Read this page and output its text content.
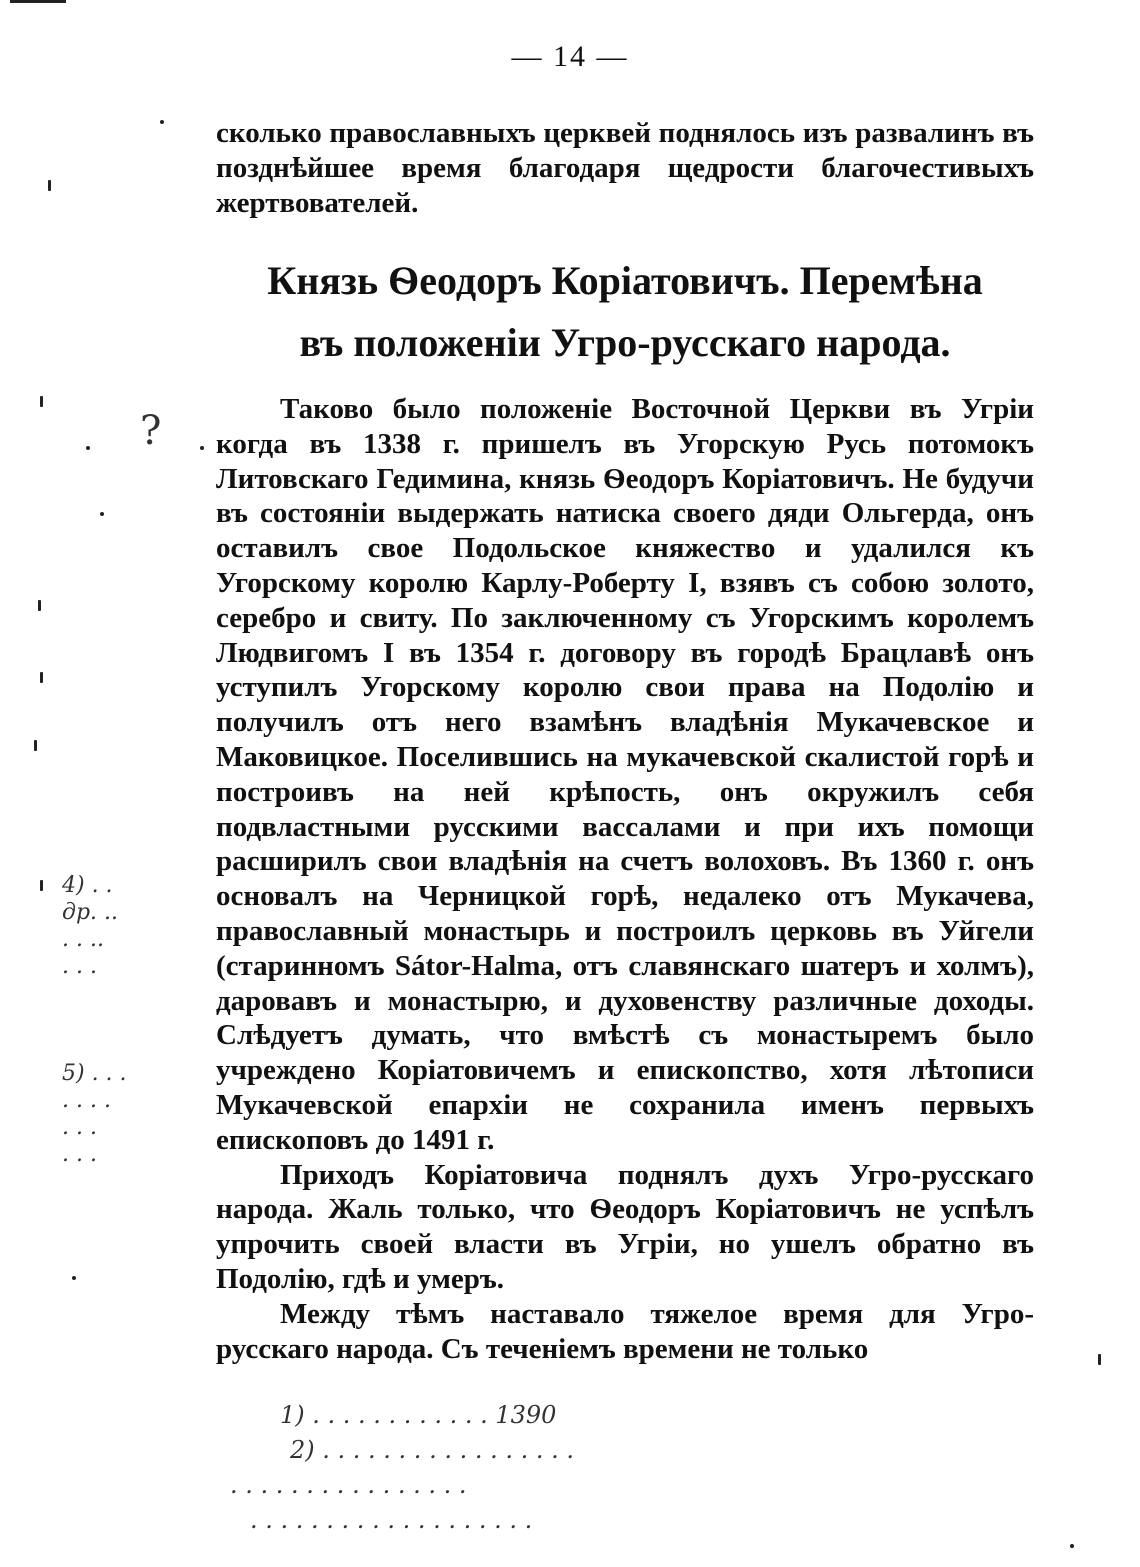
— 14 —

сколько православныхъ церквей поднялось изъ развалинъ въ позднѣйшее время благодаря щедрости благочестивыхъ жертвователей.

Князь Ѳеодоръ Коріатовичъ. Перемѣна
въ положеніи Угро-русскаго народа.

Таково было положеніе Восточной Церкви въ Угріи когда въ 1338 г. пришелъ въ Угорскую Русь потомокъ Литовскаго Гедимина, князь Ѳеодоръ Коріатовичъ. Не будучи въ состояніи выдержать натиска своего дяди Ольгерда, онъ оставилъ свое Подольское княжество и удалился къ Угорскому королю Карлу-Роберту I, взявъ съ собою золото, серебро и свиту. По заключенному съ Угорскимъ королемъ Людвигомъ I въ 1354 г. договору въ городѣ Брацлавѣ онъ уступилъ Угорскому королю свои права на Подолію и получилъ отъ него взамѣнъ владѣнія Мукачевское и Маковицкое. Поселившись на мукачевской скалистой горѣ и построивъ на ней крѣпость, онъ окружилъ себя подвластными русскими вассалами и при ихъ помощи расширилъ свои владѣнія на счетъ волоховъ. Въ 1360 г. онъ основалъ на Черницкой горѣ, недалеко отъ Мукачева, православный монастырь и построилъ церковь въ Уйгели (старинномъ Sátor-Halma, отъ славянскаго шатеръ и холмъ), даровавъ и монастырю, и духовенству различные доходы. Слѣдуетъ думать, что вмѣстѣ съ монастыремъ было учреждено Коріатовичемъ и епископство, хотя лѣтописи Мукачевской епархіи не сохранила именъ первыхъ епископовъ до 1491 г.

Приходъ Коріатовича поднялъ духъ Угро-русскаго народа. Жаль только, что Ѳеодоръ Коріатовичъ не успѣлъ упрочить своей власти въ Угріи, но ушелъ обратно въ Подолію, гдѣ и умеръ.

Между тѣмъ наставало тяжелое время для Угро-русскаго народа. Съ теченіемъ времени не только

?
4) . .
др. ..
. . ..
. . .
5) . . .
. . . .
. . .
. . .
1) . . . . . . . . . . . . 1390
2) . . . . . . . . . . . . . . . . .
. . . . . . . . . . . . . . . .
. . . . . . . . . . . . . . . . . . .
